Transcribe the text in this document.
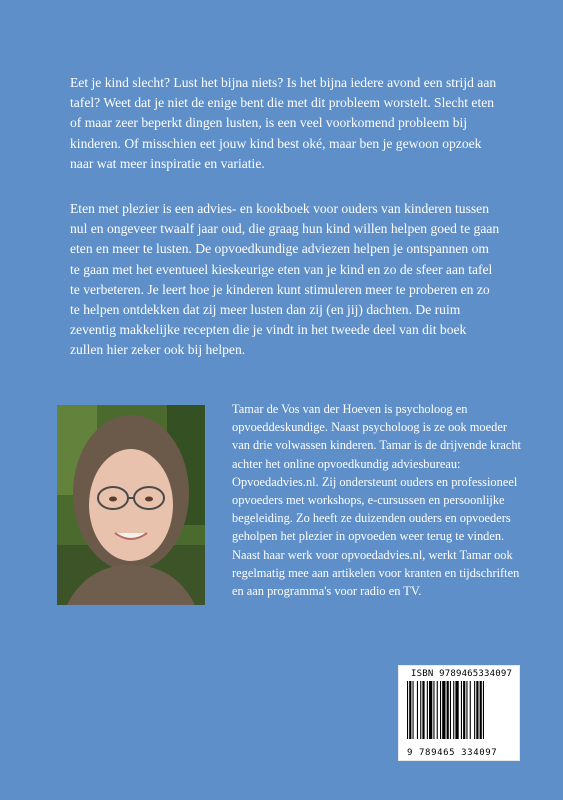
Eet je kind slecht? Lust het bijna niets? Is het bijna iedere avond een strijd aan tafel? Weet dat je niet de enige bent die met dit probleem worstelt. Slecht eten of maar zeer beperkt dingen lusten, is een veel voorkomend probleem bij kinderen. Of misschien eet jouw kind best oké, maar ben je gewoon opzoek naar wat meer inspiratie en variatie.

Eten met plezier is een advies- en kookboek voor ouders van kinderen tussen nul en ongeveer twaalf jaar oud, die graag hun kind willen helpen goed te gaan eten en meer te lusten. De opvoedkundige adviezen helpen je ontspannen om te gaan met het eventueel kieskeurige eten van je kind en zo de sfeer aan tafel te verbeteren. Je leert hoe je kinderen kunt stimuleren meer te proberen en zo te helpen ontdekken dat zij meer lusten dan zij (en jij) dachten. De ruim zeventig makkelijke recepten die je vindt in het tweede deel van dit boek zullen hier zeker ook bij helpen.

Tamar de Vos van der Hoeven is psycholoog en opvoeddeskundige. Naast psycholoog is ze ook moeder van drie volwassen kinderen. Tamar is de drijvende kracht achter het online opvoedkundig adviesbureau: Opvoedadvies.nl. Zij ondersteunt ouders en professioneel opvoeders met workshops, e-cursussen en persoonlijke begeleiding. Zo heeft ze duizenden ouders en opvoeders geholpen het plezier in opvoeden weer terug te vinden. Naast haar werk voor opvoedadvies.nl, werkt Tamar ook regelmatig mee aan artikelen voor kranten en tijdschriften en aan programma's voor radio en TV.

ISBN 9789465334097
9 789465 334097
